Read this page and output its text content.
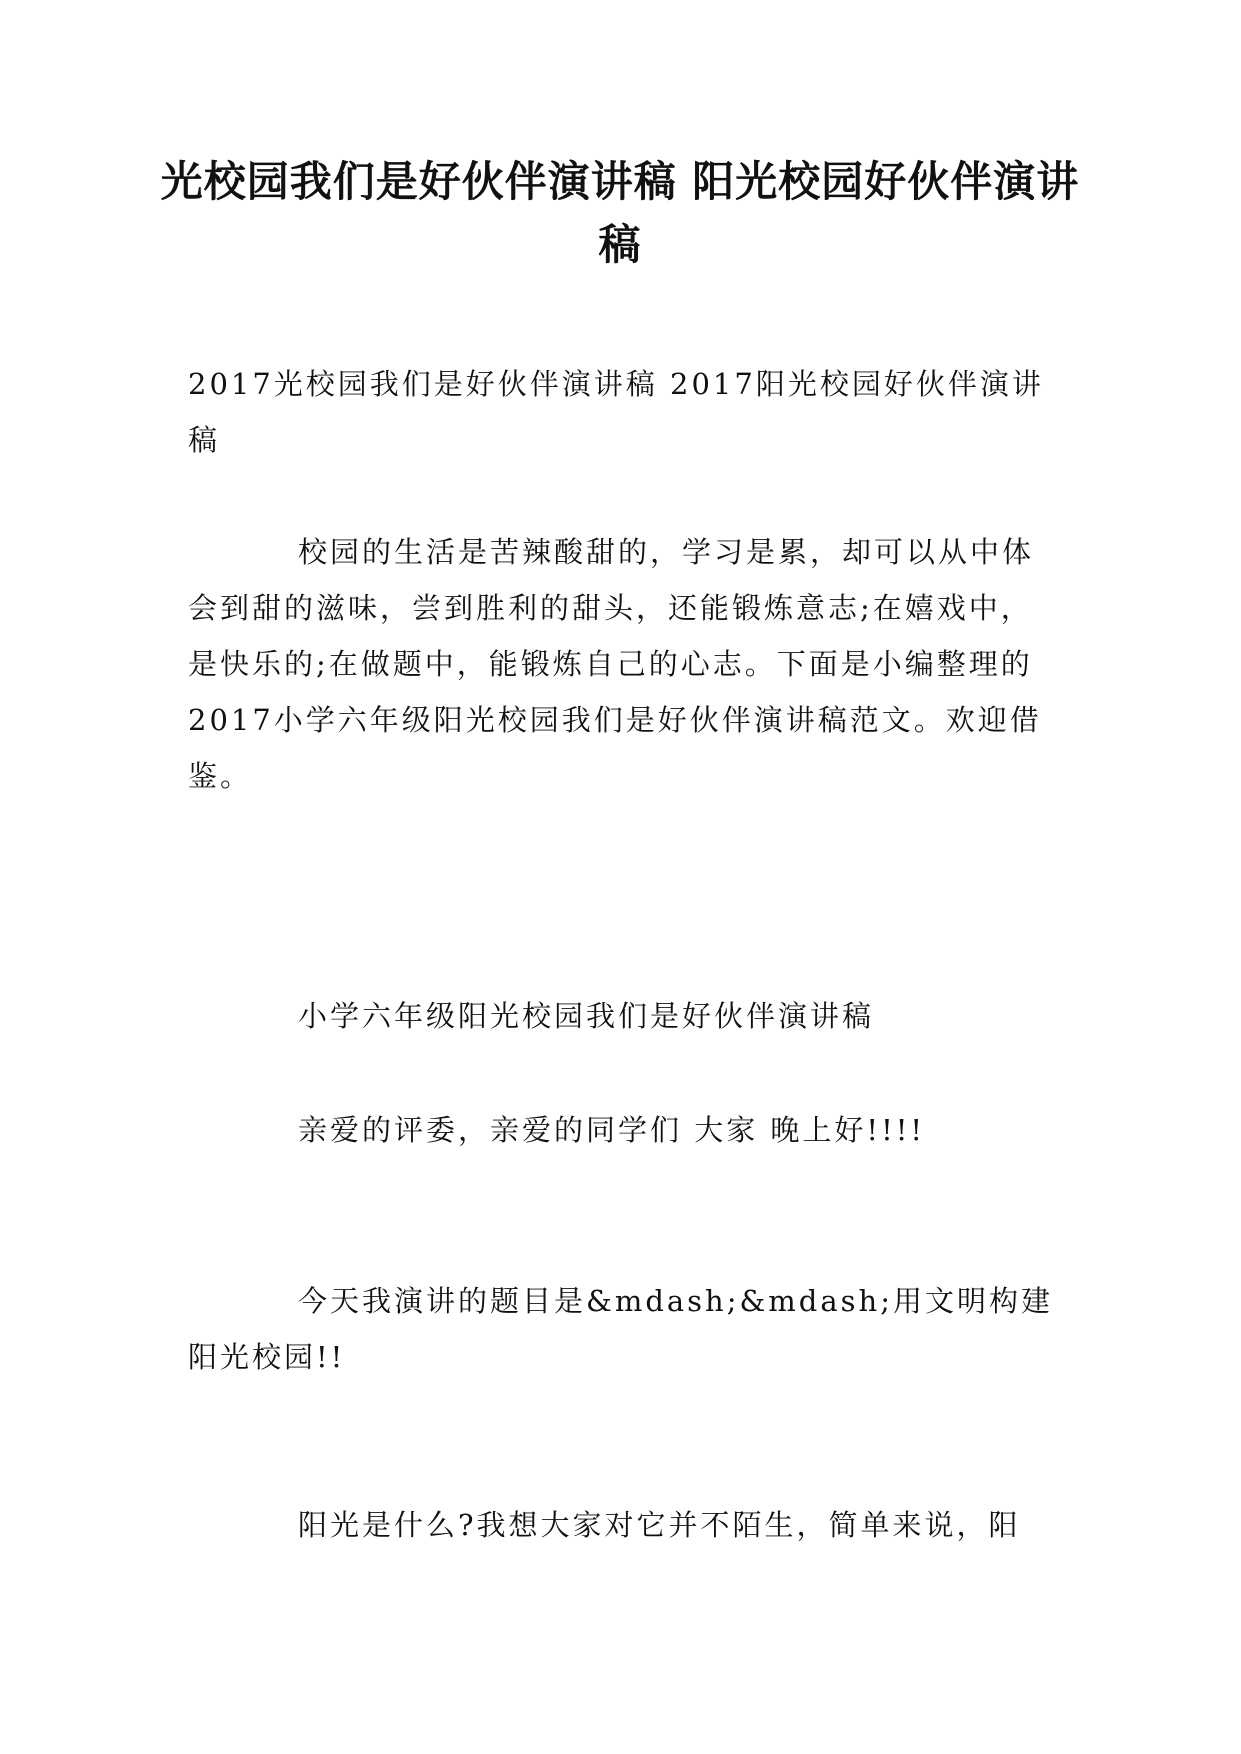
光校园我们是好伙伴演讲稿 阳光校园好伙伴演讲稿
2017光校园我们是好伙伴演讲稿 2017阳光校园好伙伴演讲稿
校园的生活是苦辣酸甜的，学习是累，却可以从中体会到甜的滋味，尝到胜利的甜头，还能锻炼意志;在嬉戏中，是快乐的;在做题中，能锻炼自己的心志。下面是小编整理的2017小学六年级阳光校园我们是好伙伴演讲稿范文。欢迎借鉴。
小学六年级阳光校园我们是好伙伴演讲稿
亲爱的评委，亲爱的同学们 大家 晚上好!!!!
今天我演讲的题目是&mdash;&mdash;用文明构建阳光校园!!
阳光是什么?我想大家对它并不陌生，简单来说，阳
